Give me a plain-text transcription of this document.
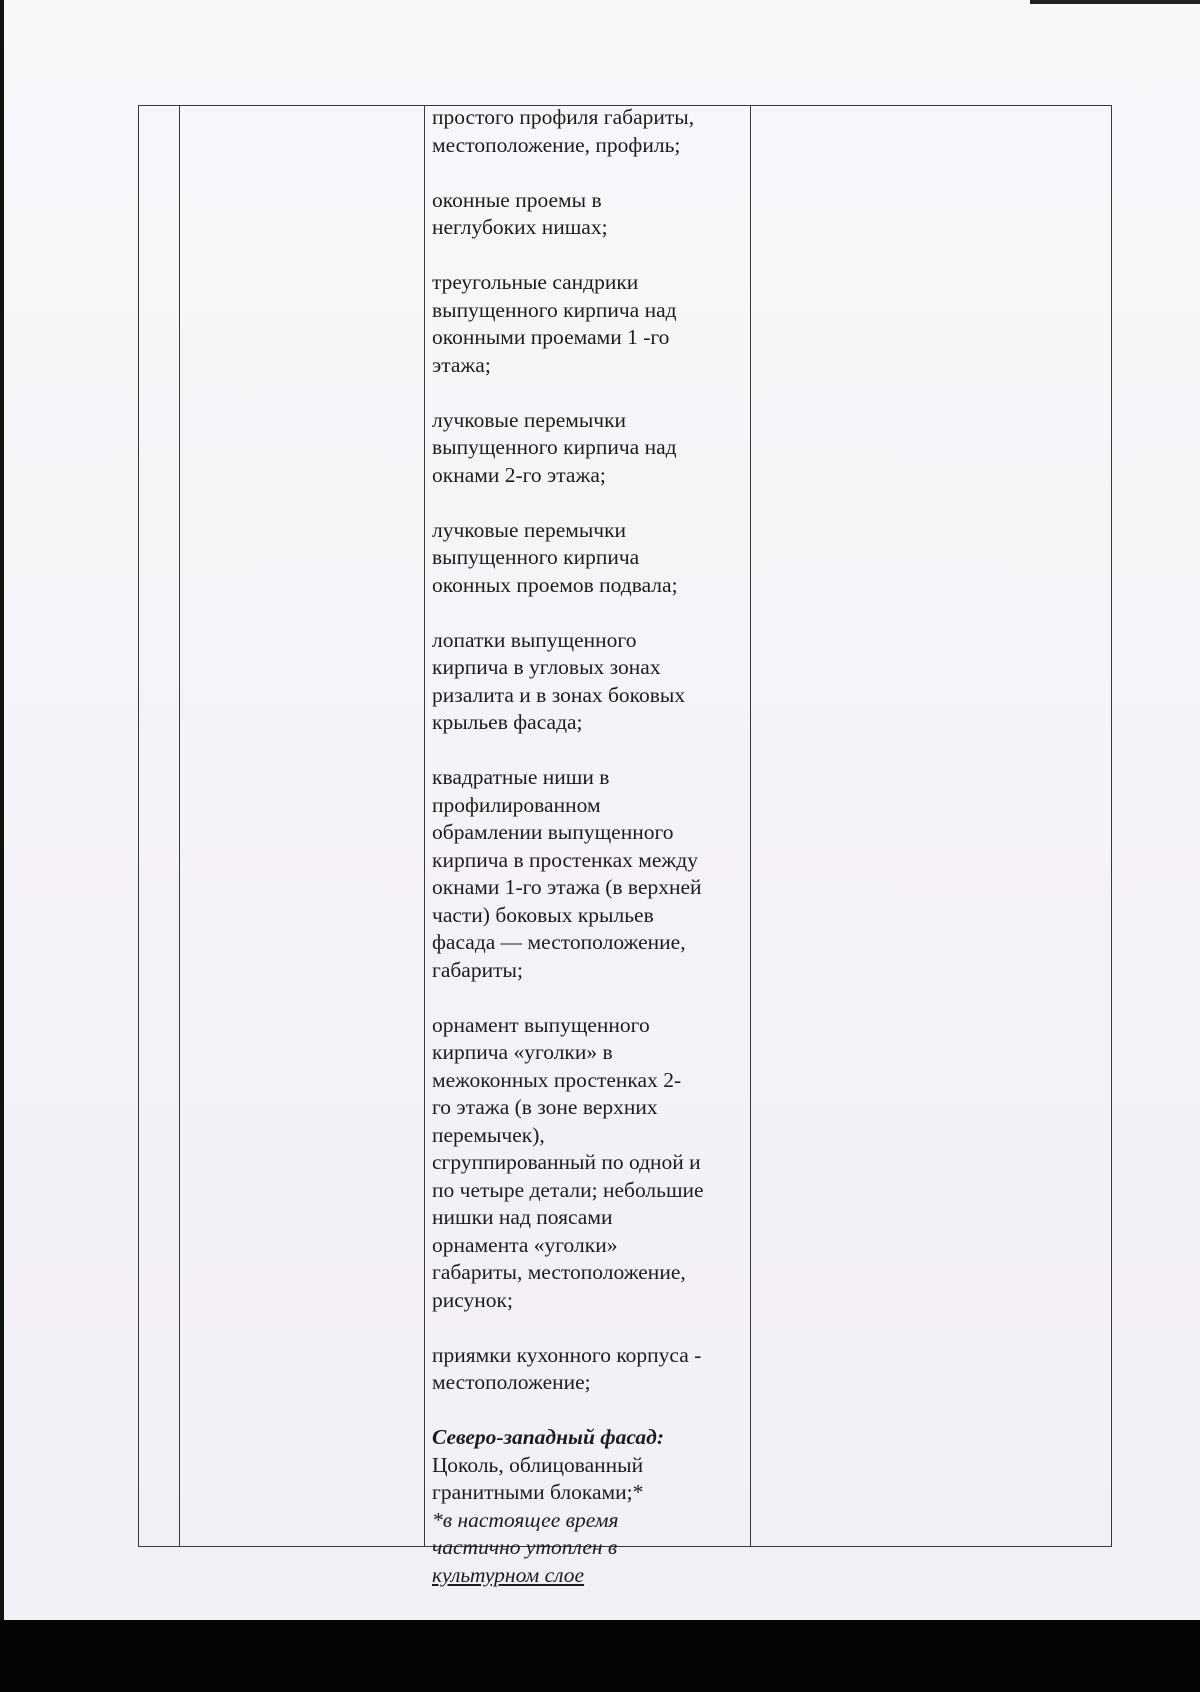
простого профиля габариты,
местоположение, профиль;

оконные проемы в
неглубоких нишах;

треугольные сандрики
выпущенного кирпича над
оконными проемами 1 -го
этажа;

лучковые перемычки
выпущенного кирпича над
окнами 2-го этажа;

лучковые перемычки
выпущенного кирпича
оконных проемов подвала;

лопатки выпущенного
кирпича в угловых зонах
ризалита и в зонах боковых
крыльев фасада;

квадратные ниши в
профилированном
обрамлении выпущенного
кирпича в простенках между
окнами 1-го этажа (в верхней
части) боковых крыльев
фасада — местоположение,
габариты;

орнамент выпущенного
кирпича «уголки» в
межоконных простенках 2-
го этажа (в зоне верхних
перемычек),
сгруппированный по одной и
по четыре детали; небольшие
нишки над поясами
орнамента «уголки»
габариты, местоположение,
рисунок;

приямки кухонного корпуса -
местоположение;

Северо-западный фасад:

Цоколь, облицованный
гранитными блоками;*

*в настоящее время
частично утоплен в

культурном слое
